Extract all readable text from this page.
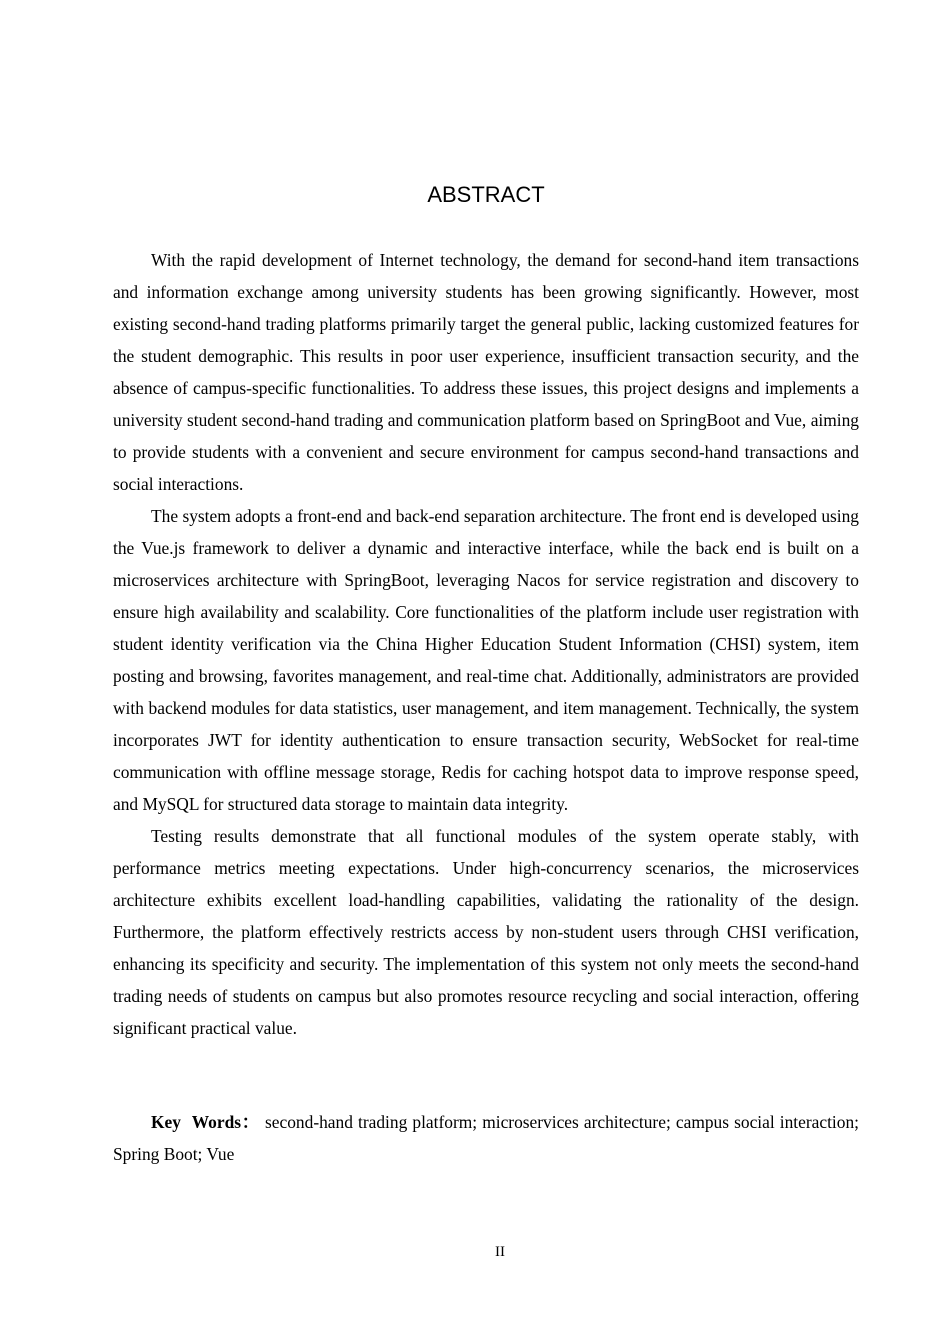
ABSTRACT

With the rapid development of Internet technology, the demand for second-hand item transactions and information exchange among university students has been growing significantly. However, most existing second-hand trading platforms primarily target the general public, lacking customized features for the student demographic. This results in poor user experience, insufficient transaction security, and the absence of campus-specific functionalities. To address these issues, this project designs and implements a university student second-hand trading and communication platform based on SpringBoot and Vue, aiming to provide students with a convenient and secure environment for campus second-hand transactions and social interactions.

The system adopts a front-end and back-end separation architecture. The front end is developed using the Vue.js framework to deliver a dynamic and interactive interface, while the back end is built on a microservices architecture with SpringBoot, leveraging Nacos for service registration and discovery to ensure high availability and scalability. Core functionalities of the platform include user registration with student identity verification via the China Higher Education Student Information (CHSI) system, item posting and browsing, favorites management, and real-time chat. Additionally, administrators are provided with backend modules for data statistics, user management, and item management. Technically, the system incorporates JWT for identity authentication to ensure transaction security, WebSocket for real-time communication with offline message storage, Redis for caching hotspot data to improve response speed, and MySQL for structured data storage to maintain data integrity.

Testing results demonstrate that all functional modules of the system operate stably, with performance metrics meeting expectations. Under high-concurrency scenarios, the microservices architecture exhibits excellent load-handling capabilities, validating the rationality of the design. Furthermore, the platform effectively restricts access by non-student users through CHSI verification, enhancing its specificity and security. The implementation of this system not only meets the second-hand trading needs of students on campus but also promotes resource recycling and social interaction, offering significant practical value.

Key Words： second-hand trading platform; microservices architecture; campus social interaction; Spring Boot; Vue

II
